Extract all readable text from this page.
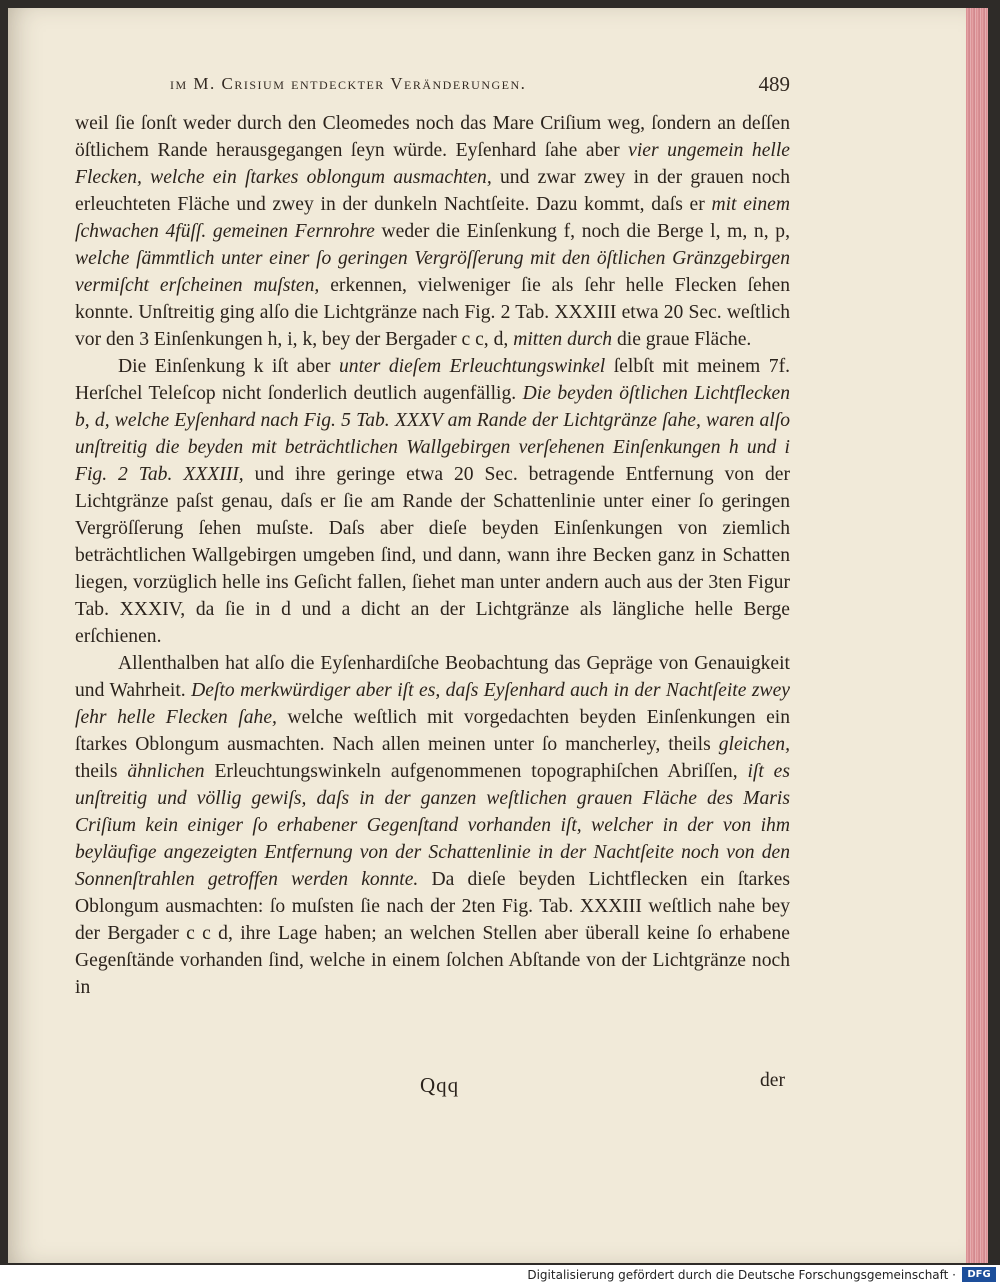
im M. Crisium entdeckter Veränderungen.	489

weil ſie ſonſt weder durch den Cleomedes noch das Mare Criſium weg, ſondern an deſſen öſtlichem Rande herausgegangen ſeyn würde. Eyſenhard ſahe aber vier ungemein helle Flecken, welche ein ſtarkes oblongum ausmachten, und zwar zwey in der grauen noch erleuchteten Fläche und zwey in der dunkeln Nachtſeite. Dazu kommt, daſs er mit einem ſchwachen 4füſſ. gemeinen Fernrohre weder die Einſenkung f, noch die Berge l, m, n, p, welche ſämmtlich unter einer ſo geringen Vergröſſerung mit den öſtlichen Gränzgebirgen vermiſcht erſcheinen muſsten, erkennen, vielweniger ſie als ſehr helle Flecken ſehen konnte. Unſtreitig ging alſo die Lichtgränze nach Fig. 2 Tab. XXXIII etwa 20 Sec. weſtlich vor den 3 Einſenkungen h, i, k, bey der Bergader c c, d, mitten durch die graue Fläche.

Die Einſenkung k iſt aber unter dieſem Erleuchtungswinkel ſelbſt mit meinem 7f. Herſchel Teleſcop nicht ſonderlich deutlich augenfällig. Die beyden öſtlichen Lichtflecken b, d, welche Eyſenhard nach Fig. 5 Tab. XXXV am Rande der Lichtgränze ſahe, waren alſo unſtreitig die beyden mit beträchtlichen Wallgebirgen verſehenen Einſenkungen h und i Fig. 2 Tab. XXXIII, und ihre geringe etwa 20 Sec. betragende Entfernung von der Lichtgränze paſst genau, daſs er ſie am Rande der Schattenlinie unter einer ſo geringen Vergröſſerung ſehen muſste. Daſs aber dieſe beyden Einſenkungen von ziemlich beträchtlichen Wallgebirgen umgeben ſind, und dann, wann ihre Becken ganz in Schatten liegen, vorzüglich helle ins Geſicht fallen, ſiehet man unter andern auch aus der 3ten Figur Tab. XXXIV, da ſie in d und a dicht an der Lichtgränze als längliche helle Berge erſchienen.

Allenthalben hat alſo die Eyſenhardiſche Beobachtung das Gepräge von Genauigkeit und Wahrheit. Deſto merkwürdiger aber iſt es, daſs Eyſenhard auch in der Nachtſeite zwey ſehr helle Flecken ſahe, welche weſtlich mit vorgedachten beyden Einſenkungen ein ſtarkes Oblongum ausmachten. Nach allen meinen unter ſo mancherley, theils gleichen, theils ähnlichen Erleuchtungswinkeln aufgenommenen topographiſchen Abriſſen, iſt es unſtreitig und völlig gewiſs, daſs in der ganzen weſtlichen grauen Fläche des Maris Criſium kein einiger ſo erhabener Gegenſtand vorhanden iſt, welcher in der von ihm beyläufige angezeigten Entfernung von der Schattenlinie in der Nachtſeite noch von den Sonnenſtrahlen getroffen werden konnte. Da dieſe beyden Lichtflecken ein ſtarkes Oblongum ausmachten: ſo muſsten ſie nach der 2ten Fig. Tab. XXXIII weſtlich nahe bey der Bergader c c d, ihre Lage haben; an welchen Stellen aber überall keine ſo erhabene Gegenſtände vorhanden ſind, welche in einem ſolchen Abſtande von der Lichtgränze noch in

Qqq	der
Digitalisierung gefördert durch die Deutsche Forschungsgemeinschaft ·	DFG
